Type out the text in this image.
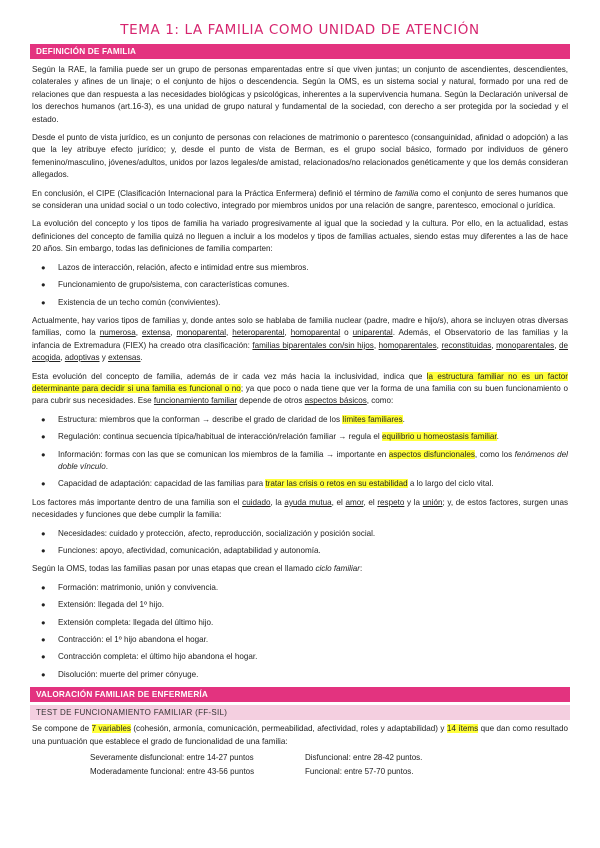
TEMA 1: LA FAMILIA COMO UNIDAD DE ATENCIÓN
DEFINICIÓN DE FAMILIA

Según la RAE, la familia puede ser un grupo de personas emparentadas entre sí que viven juntas; un conjunto de ascendientes, descendientes, colaterales y afines de un linaje; o el conjunto de hijos o descendencia. Según la OMS, es un sistema social y natural, formado por una red de relaciones que dan respuesta a las necesidades biológicas y psicológicas, inherentes a la supervivencia humana. Según la Declaración universal de los derechos humanos (art.16-3), es una unidad de grupo natural y fundamental de la sociedad, con derecho a ser protegida por la sociedad y el estado.

Desde el punto de vista jurídico, es un conjunto de personas con relaciones de matrimonio o parentesco (consanguinidad, afinidad o adopción) a las que la ley atribuye efecto jurídico; y, desde el punto de vista de Berman, es el grupo social básico, formado por individuos de género femenino/masculino, jóvenes/adultos, unidos por lazos legales/de amistad, relacionados/no relacionados genéticamente y que los demás consideran allegados.

En conclusión, el CIPE (Clasificación Internacional para la Práctica Enfermera) definió el término de familia como el conjunto de seres humanos que se consideran una unidad social o un todo colectivo, integrado por miembros unidos por una relación de sangre, parentesco, emocional o jurídica.

La evolución del concepto y los tipos de familia ha variado progresivamente al igual que la sociedad y la cultura. Por ello, en la actualidad, estas definiciones del concepto de familia quizá no lleguen a incluir a los modelos y tipos de familias actuales, siendo estas muy diferentes a las de hace 20 años. Sin embargo, todas las definiciones de familia comparten:

● Lazos de interacción, relación, afecto e intimidad entre sus miembros.
● Funcionamiento de grupo/sistema, con características comunes.
● Existencia de un techo común (convivientes).

Actualmente, hay varios tipos de familias y, donde antes solo se hablaba de familia nuclear (padre, madre e hijo/s), ahora se incluyen otras diversas familias, como la numerosa, extensa, monoparental, heteroparental, homoparental o uniparental. Además, el Observatorio de las familias y la infancia de Extremadura (FIEX) ha creado otra clasificación: familias biparentales con/sin hijos, homoparentales, reconstituidas, monoparentales, de acogida, adoptivas y extensas.

Esta evolución del concepto de familia, además de ir cada vez más hacia la inclusividad, indica que la estructura familiar no es un factor determinante para decidir si una familia es funcional o no; ya que poco o nada tiene que ver la forma de una familia con su buen funcionamiento o para cubrir sus necesidades. Ese funcionamiento familiar depende de otros aspectos básicos, como:

● Estructura: miembros que la conforman → describe el grado de claridad de los límites familiares.
● Regulación: continua secuencia típica/habitual de interacción/relación familiar → regula el equilibrio u homeostasis familiar.
● Información: formas con las que se comunican los miembros de la familia → importante en aspectos disfuncionales, como los fenómenos del doble vínculo.
● Capacidad de adaptación: capacidad de las familias para tratar las crisis o retos en su estabilidad a lo largo del ciclo vital.

Los factores más importante dentro de una familia son el cuidado, la ayuda mutua, el amor, el respeto y la unión; y, de estos factores, surgen unas necesidades y funciones que debe cumplir la familia:

● Necesidades: cuidado y protección, afecto, reproducción, socialización y posición social.
● Funciones: apoyo, afectividad, comunicación, adaptabilidad y autonomía.

Según la OMS, todas las familias pasan por unas etapas que crean el llamado ciclo familiar:

● Formación: matrimonio, unión y convivencia.
● Extensión: llegada del 1º hijo.
● Extensión completa: llegada del último hijo.
● Contracción: el 1º hijo abandona el hogar.
● Contracción completa: el último hijo abandona el hogar.
● Disolución: muerte del primer cónyuge.
VALORACIÓN FAMILIAR DE ENFERMERÍA
TEST DE FUNCIONAMIENTO FAMILIAR (FF-SIL)

Se compone de 7 variables (cohesión, armonía, comunicación, permeabilidad, afectividad, roles y adaptabilidad) y 14 ítems que dan como resultado una puntuación que establece el grado de funcionalidad de una familia:

Severamente disfuncional: entre 14-27 puntos	Disfuncional: entre 28-42 puntos.
Moderadamente funcional: entre 43-56 puntos	Funcional: entre 57-70 puntos.
